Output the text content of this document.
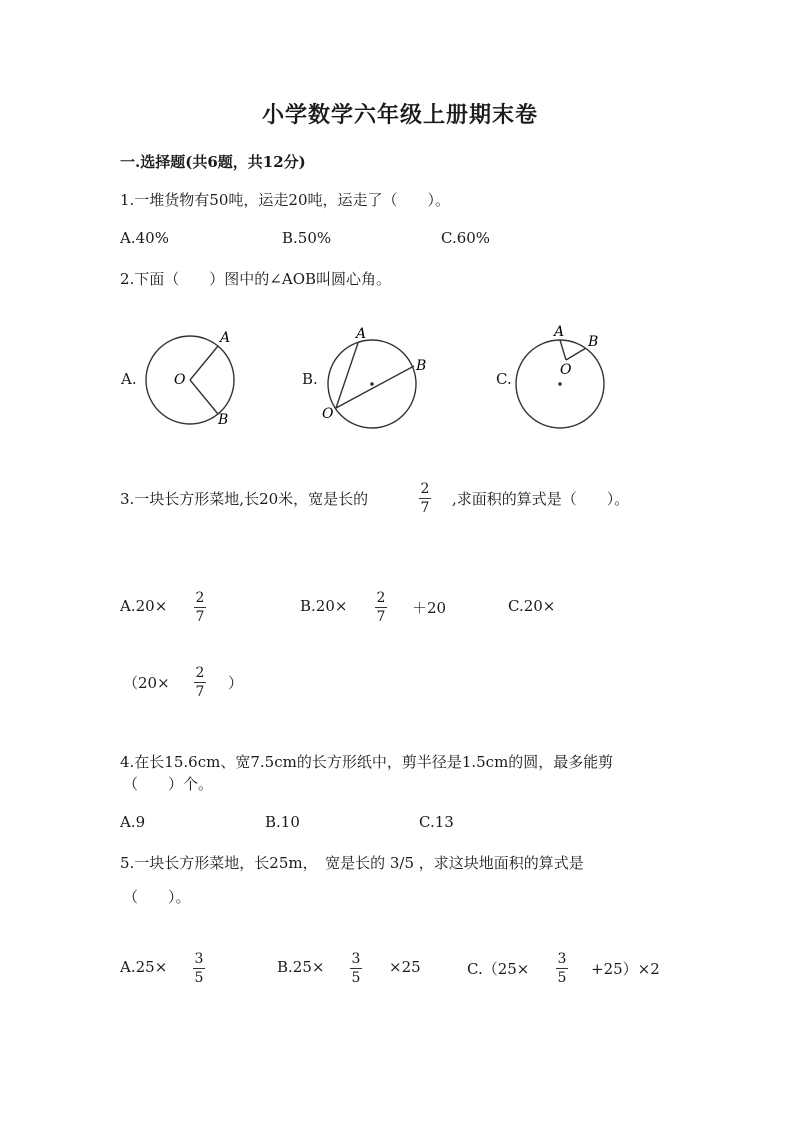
小学数学六年级上册期末卷
一.选择题(共6题，共12分)
1.一堆货物有50吨，运走20吨，运走了（　　）。
A.40%	B.50%	C.60%
2.下面（　　）图中的∠AOB叫圆心角。
A.
A
B
O	B.
A
B
O
C.
A
B
O
3.一块长方形菜地,长20米，宽是长的
2
7 ,求面积的算式是（　　）。
A.20× 2
7
B.20× 2
7 ＋20	C.20×
（20×
2
7 ）
4.在长15.6cm、宽7.5cm的长方形纸中，剪半径是1.5cm的圆，最多能剪
（　　）个。
A.9	B.10	C.13
5.一块长方形菜地，长25m，　宽是长的 3/5 ，求这块地面积的算式是
（　　）。
A.25× 3
5
B.25× 3
5
×25	C.（25×
3
5 +25）×2
